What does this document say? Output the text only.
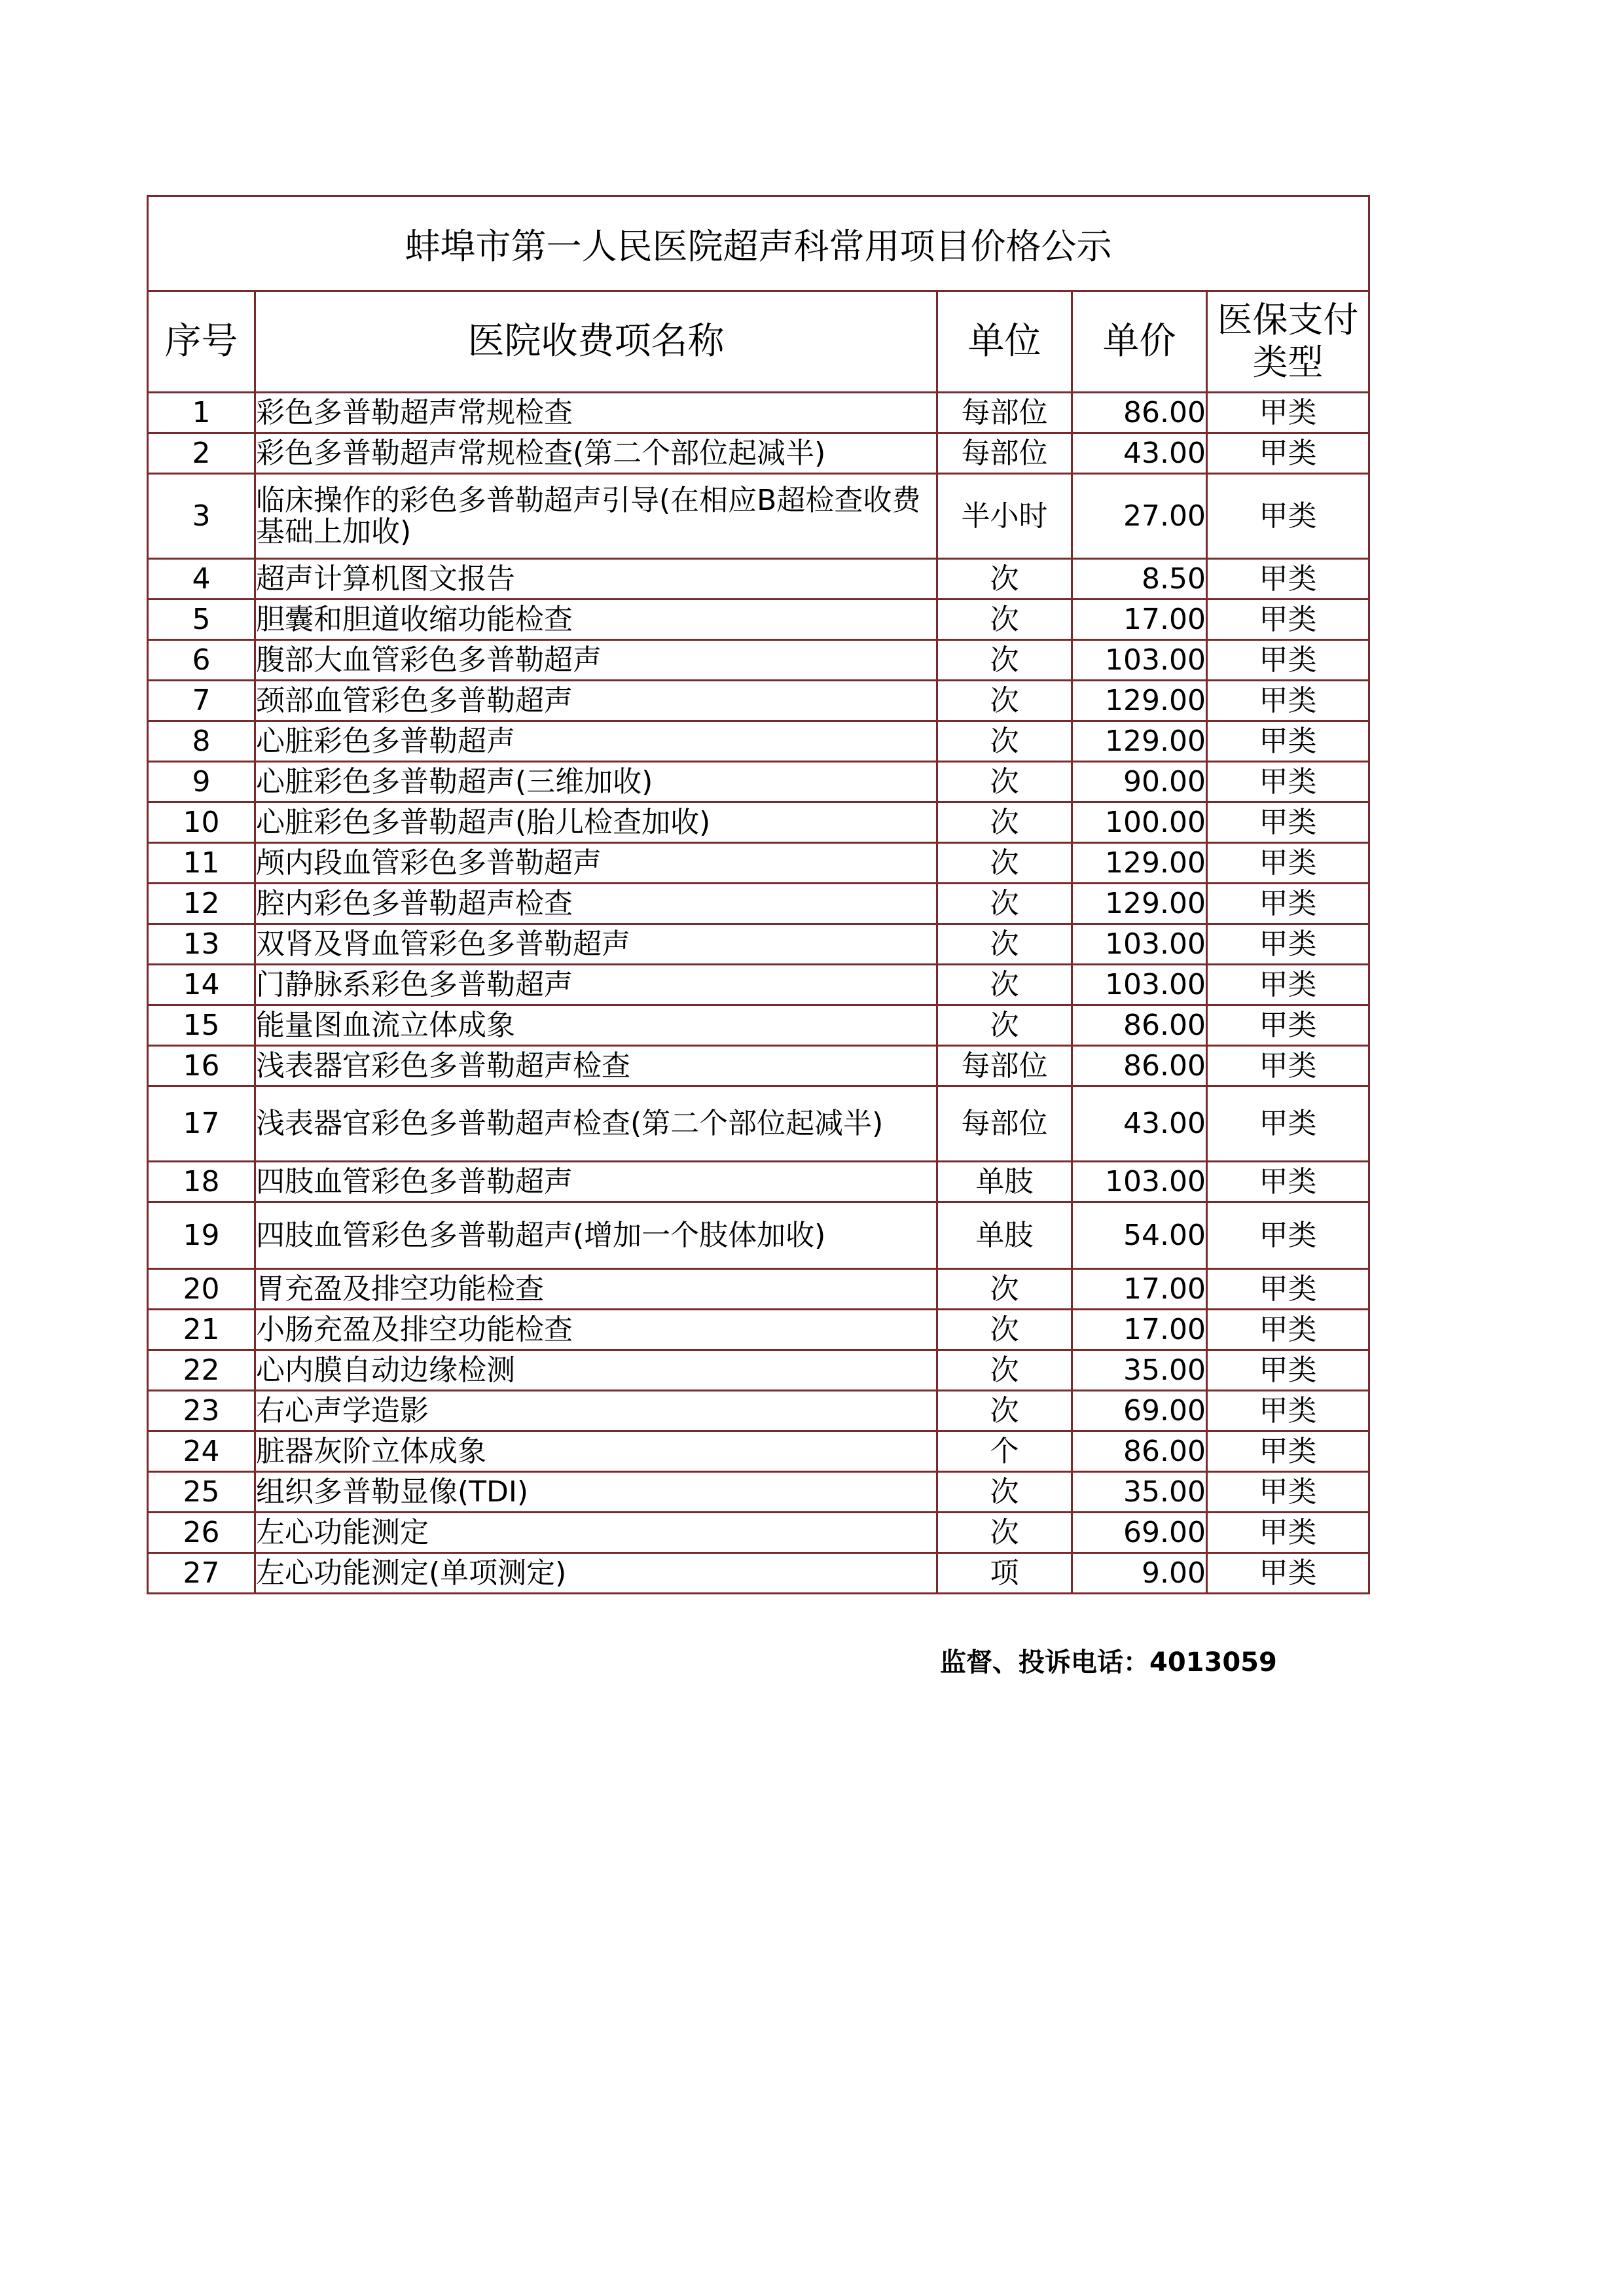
蚌埠市第一人民医院超声科常用项目价格公示				
序号	医院收费项名称	单位	单价	医保支付类型
1	彩色多普勒超声常规检查	每部位	86.00	甲类
2	彩色多普勒超声常规检查(第二个部位起减半)	每部位	43.00	甲类
3	临床操作的彩色多普勒超声引导(在相应B超检查收费基础上加收)	半小时	27.00	甲类
4	超声计算机图文报告	次	8.50	甲类
5	胆囊和胆道收缩功能检查	次	17.00	甲类
6	腹部大血管彩色多普勒超声	次	103.00	甲类
7	颈部血管彩色多普勒超声	次	129.00	甲类
8	心脏彩色多普勒超声	次	129.00	甲类
9	心脏彩色多普勒超声(三维加收)	次	90.00	甲类
10	心脏彩色多普勒超声(胎儿检查加收)	次	100.00	甲类
11	颅内段血管彩色多普勒超声	次	129.00	甲类
12	腔内彩色多普勒超声检查	次	129.00	甲类
13	双肾及肾血管彩色多普勒超声	次	103.00	甲类
14	门静脉系彩色多普勒超声	次	103.00	甲类
15	能量图血流立体成象	次	86.00	甲类
16	浅表器官彩色多普勒超声检查	每部位	86.00	甲类
17	浅表器官彩色多普勒超声检查(第二个部位起减半)	每部位	43.00	甲类
18	四肢血管彩色多普勒超声	单肢	103.00	甲类
19	四肢血管彩色多普勒超声(增加一个肢体加收)	单肢	54.00	甲类
20	胃充盈及排空功能检查	次	17.00	甲类
21	小肠充盈及排空功能检查	次	17.00	甲类
22	心内膜自动边缘检测	次	35.00	甲类
23	右心声学造影	次	69.00	甲类
24	脏器灰阶立体成象	个	86.00	甲类
25	组织多普勒显像(TDI)	次	35.00	甲类
26	左心功能测定	次	69.00	甲类
27	左心功能测定(单项测定)	项	9.00	甲类
监督、投诉电话：4013059
